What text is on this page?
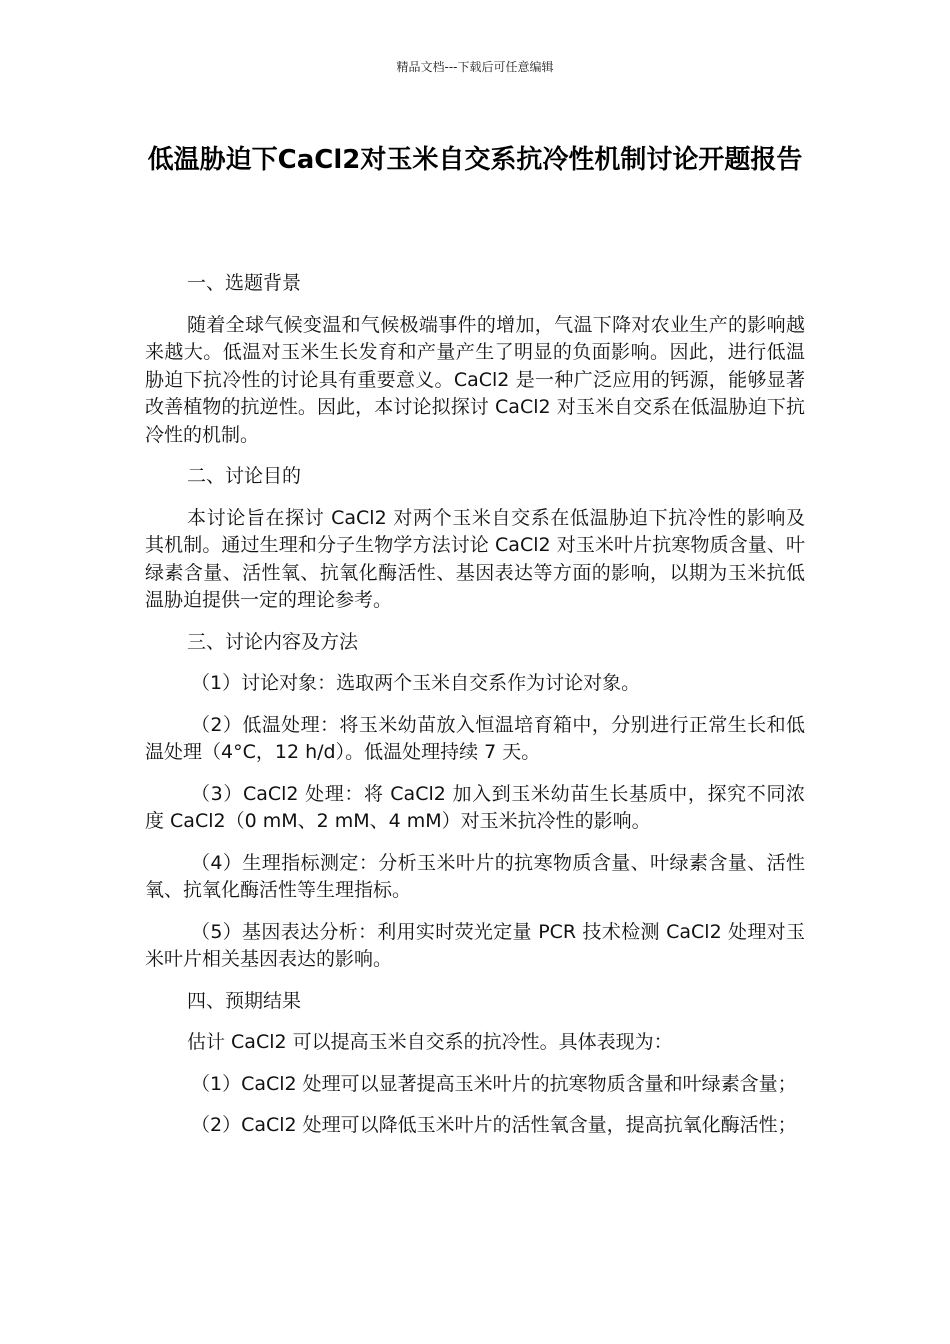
精品文档---下载后可任意编辑
低温胁迫下CaCl2对玉米自交系抗冷性机制讨论开题报告

一、选题背景

随着全球气候变温和气候极端事件的增加，气温下降对农业生产的影响越来越大。低温对玉米生长发育和产量产生了明显的负面影响。因此，进行低温胁迫下抗冷性的讨论具有重要意义。CaCl2 是一种广泛应用的钙源，能够显著改善植物的抗逆性。因此，本讨论拟探讨 CaCl2 对玉米自交系在低温胁迫下抗冷性的机制。

二、讨论目的

本讨论旨在探讨 CaCl2 对两个玉米自交系在低温胁迫下抗冷性的影响及其机制。通过生理和分子生物学方法讨论 CaCl2 对玉米叶片抗寒物质含量、叶绿素含量、活性氧、抗氧化酶活性、基因表达等方面的影响，以期为玉米抗低温胁迫提供一定的理论参考。

三、讨论内容及方法

（1）讨论对象：选取两个玉米自交系作为讨论对象。

（2）低温处理：将玉米幼苗放入恒温培育箱中，分别进行正常生长和低温处理（4°C，12 h/d）。低温处理持续 7 天。

（3）CaCl2 处理：将 CaCl2 加入到玉米幼苗生长基质中，探究不同浓度 CaCl2（0 mM、2 mM、4 mM）对玉米抗冷性的影响。

（4）生理指标测定：分析玉米叶片的抗寒物质含量、叶绿素含量、活性氧、抗氧化酶活性等生理指标。

（5）基因表达分析：利用实时荧光定量 PCR 技术检测 CaCl2 处理对玉米叶片相关基因表达的影响。

四、预期结果

估计 CaCl2 可以提高玉米自交系的抗冷性。具体表现为：

（1）CaCl2 处理可以显著提高玉米叶片的抗寒物质含量和叶绿素含量；

（2）CaCl2 处理可以降低玉米叶片的活性氧含量，提高抗氧化酶活性；
